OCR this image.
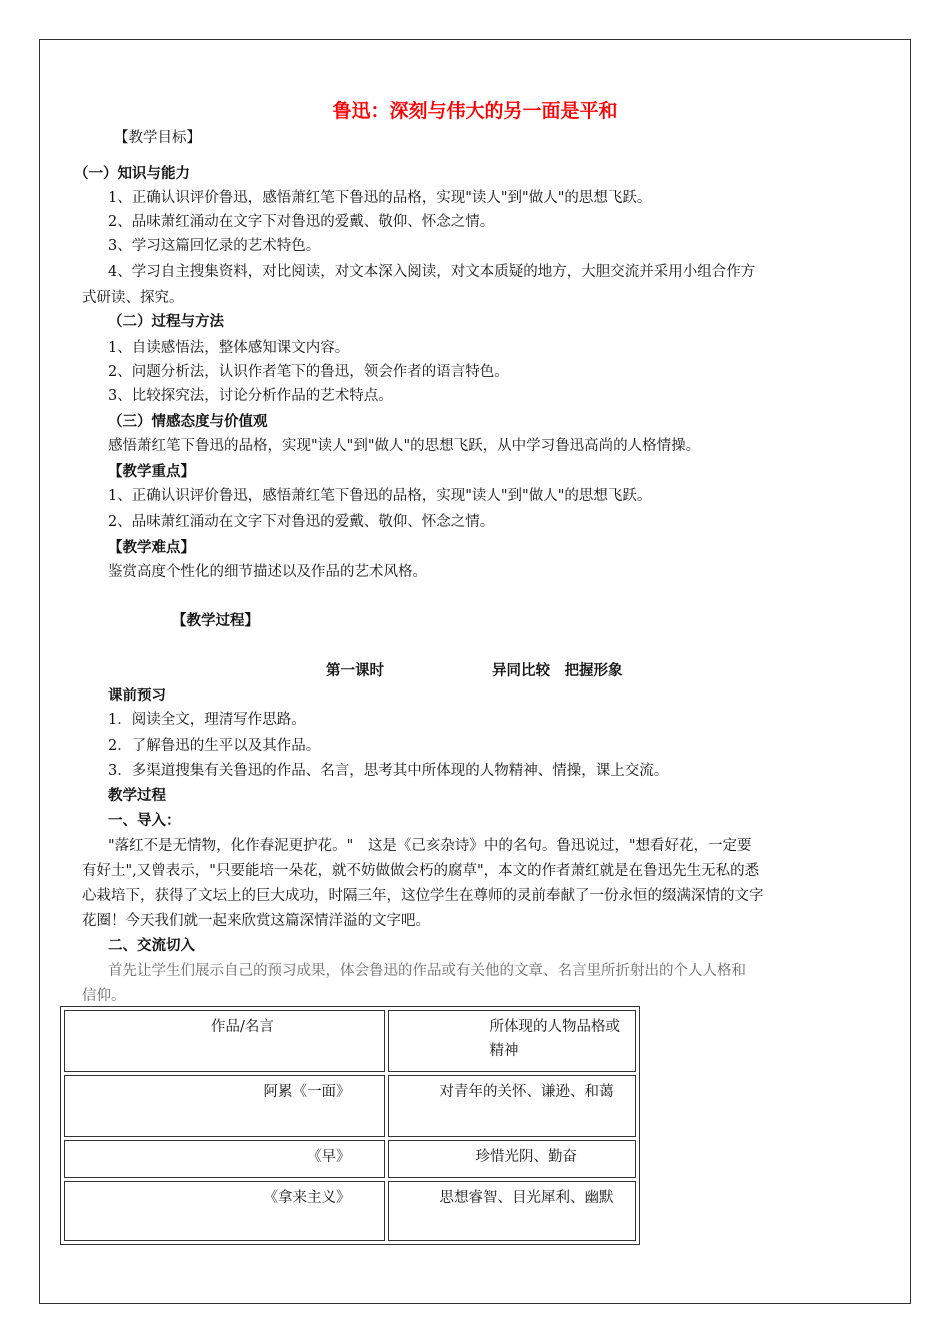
鲁迅：深刻与伟大的另一面是平和
【教学目标】
（一）知识与能力
1、正确认识评价鲁迅，感悟萧红笔下鲁迅的品格，实现"读人"到"做人"的思想飞跃。
2、品味萧红涌动在文字下对鲁迅的爱戴、敬仰、怀念之情。
3、学习这篇回忆录的艺术特色。
4、学习自主搜集资料，对比阅读，对文本深入阅读，对文本质疑的地方，大胆交流并采用小组合作方
式研读、探究。
（二）过程与方法
1、自读感悟法，整体感知课文内容。
2、问题分析法，认识作者笔下的鲁迅，领会作者的语言特色。
3、比较探究法，讨论分析作品的艺术特点。
（三）情感态度与价值观
感悟萧红笔下鲁迅的品格，实现"读人"到"做人"的思想飞跃，从中学习鲁迅高尚的人格情操。
【教学重点】
1、正确认识评价鲁迅，感悟萧红笔下鲁迅的品格，实现"读人"到"做人"的思想飞跃。
2、品味萧红涌动在文字下对鲁迅的爱戴、敬仰、怀念之情。
【教学难点】
鉴赏高度个性化的细节描述以及作品的艺术风格。
【教学过程】
第一课时	异同比较　把握形象
课前预习
1．阅读全文，理清写作思路。
2．了解鲁迅的生平以及其作品。
3．多渠道搜集有关鲁迅的作品、名言，思考其中所体现的人物精神、情操，课上交流。
教学过程
一、导入：
"落红不是无情物，化作春泥更护花。"　这是《己亥杂诗》中的名句。鲁迅说过，"想看好花，一定要
有好土",又曾表示，"只要能培一朵花，就不妨做做会朽的腐草"，本文的作者萧红就是在鲁迅先生无私的悉
心栽培下，获得了文坛上的巨大成功，时隔三年，这位学生在尊师的灵前奉献了一份永恒的缀满深情的文字
花圈！今天我们就一起来欣赏这篇深情洋溢的文字吧。
二、交流切入
首先让学生们展示自己的预习成果，体会鲁迅的作品或有关他的文章、名言里所折射出的个人人格和
信仰。
作品/名言	所体现的人物品格或精神
阿累《一面》	对青年的关怀、谦逊、和蔼
《早》	珍惜光阴、勤奋
《拿来主义》	思想睿智、目光犀利、幽默
